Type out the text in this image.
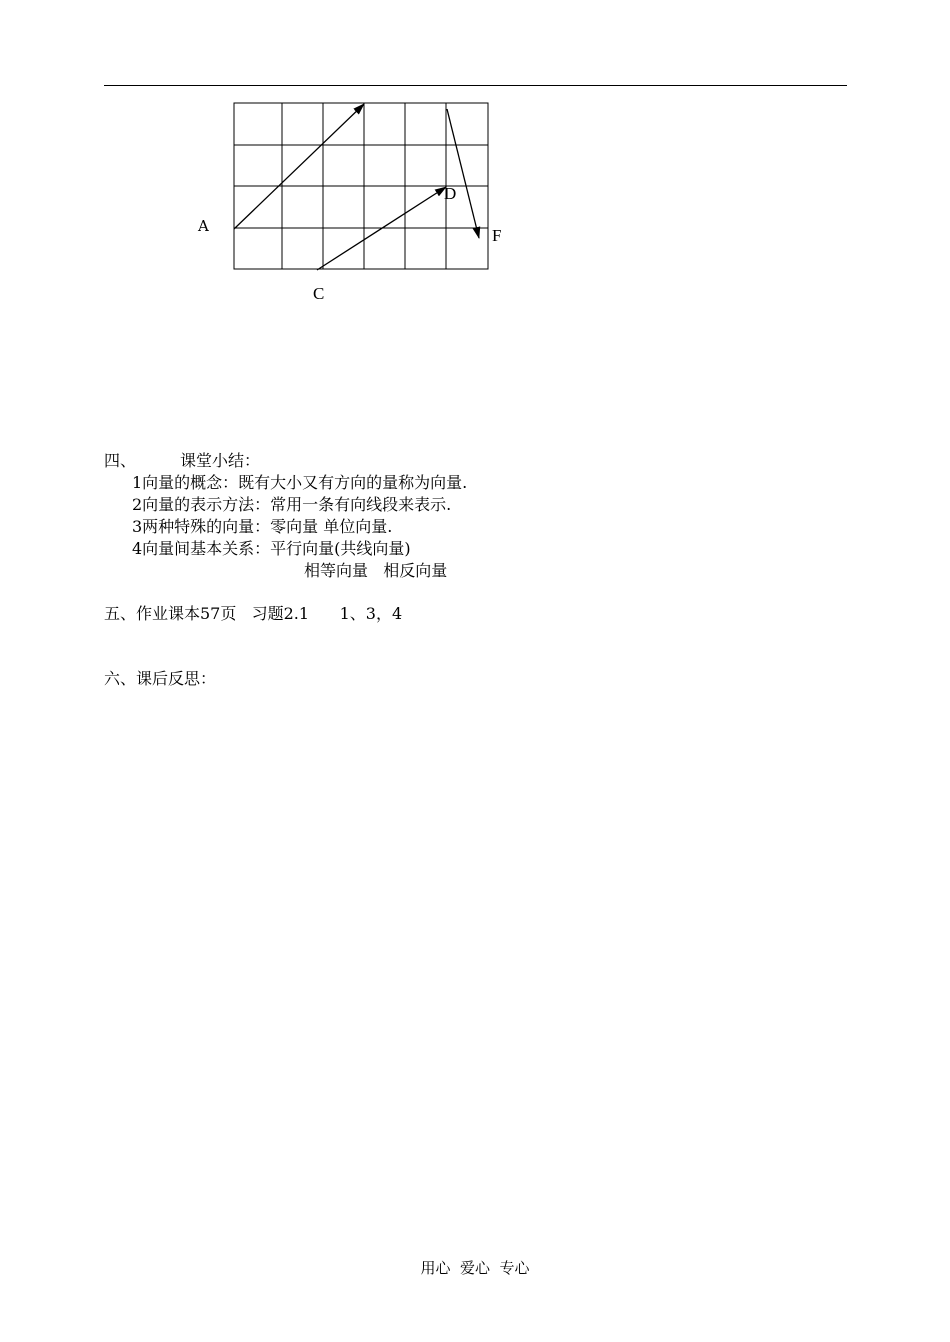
A
C
D
F
四、	课堂小结：
1向量的概念：既有大小又有方向的量称为向量.
2向量的表示方法：常用一条有向线段来表示.
3两种特殊的向量：零向量 单位向量.
4向量间基本关系：平行向量(共线向量)
相等向量   相反向量
五、作业课本57页   习题2.1      1、3，4
六、课后反思：
用心  爱心  专心
